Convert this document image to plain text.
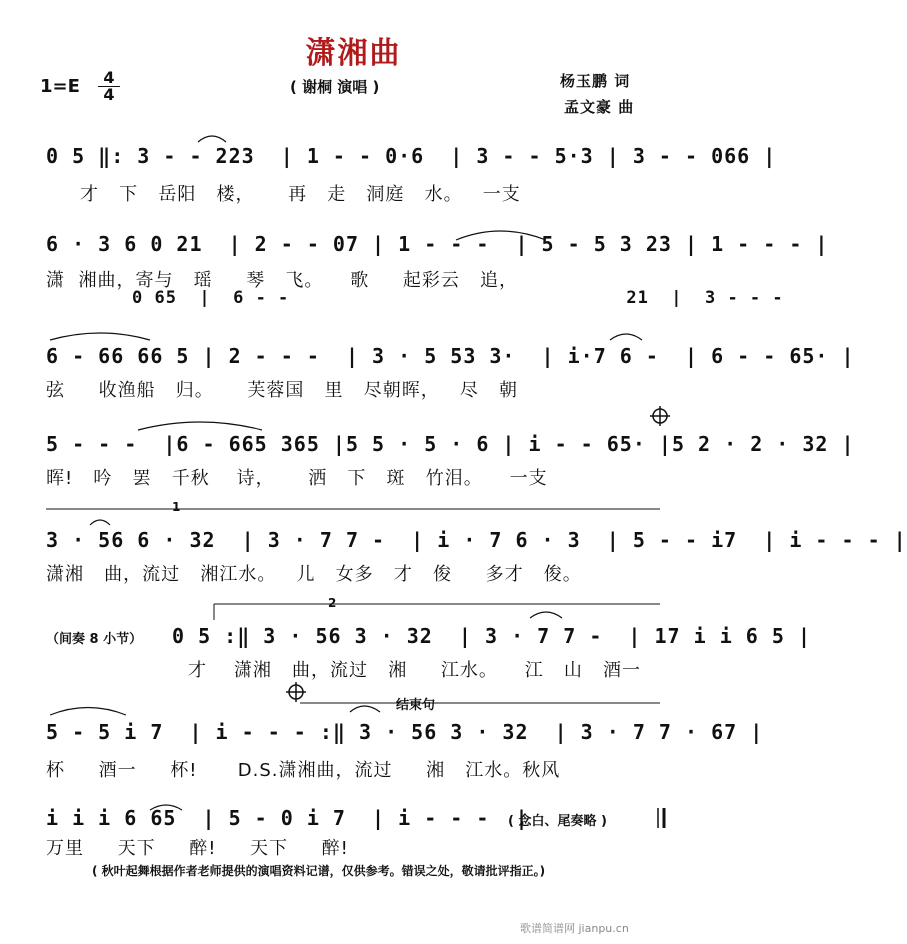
潇湘曲
1=E	4
4	( 谢桐 演唱 )	杨玉鹏 词
孟文豪 曲
1
2
0 5 ‖: 3 - - 223  | 1 - - 0·6  | 3 - - 5·3 | 3 - - 066 |
才   下   岳阳   楼，     再   走   洞庭   水。   一支
6 · 3 6 0 21  | 2 - - 07 | 1 - - -  | 5 - 5 3 23 | 1 - - - |
潇  湘曲，寄与   瑶     琴   飞。    歌     起彩云   追，
0 65  |  6 - -                              21  |  3 - - -
6 - 66 66 5 | 2 - - -  | 3 · 5 53 3·  | i·7 6 -  | 6 - - 65· |
弦     收渔船   归。     芙蓉国   里   尽朝晖，   尽   朝
5 - - -  |6 - 665 365 |5 5 · 5 · 6 | i - - 65· |5 2 · 2 · 32 |
晖!   吟   罢   千秋    诗，     洒   下   斑   竹泪。    一支
3 · 56 6 · 32  | 3 · 7 7 -  | i · 7 6 · 3  | 5 - - i7  | i - - - |
潇湘   曲，流过   湘江水。   儿   女多   才   俊     多才   俊。
（间奏 8 小节） 0 5 :‖ 3 · 56 3 · 32  | 3 · 7 7 -  | 17 i i 6 5 |
才    潇湘   曲，流过   湘     江水。    江   山   酒一
结束句
5 - 5 i 7  | i - - - :‖ 3 · 56 3 · 32  | 3 · 7 7 · 67 |
杯     酒一     杯!      D.S.潇湘曲，流过     湘   江水。秋风
i i i 6 65  | 5 - 0 i 7  | i - - -  |
万里     天下     醉!     天下     醉!
( 念白、尾奏略 )
( 秋叶起舞根据作者老师提供的演唱资料记谱，仅供参考。错误之处，敬请批评指正。)
歌谱简谱网 jianpu.cn
